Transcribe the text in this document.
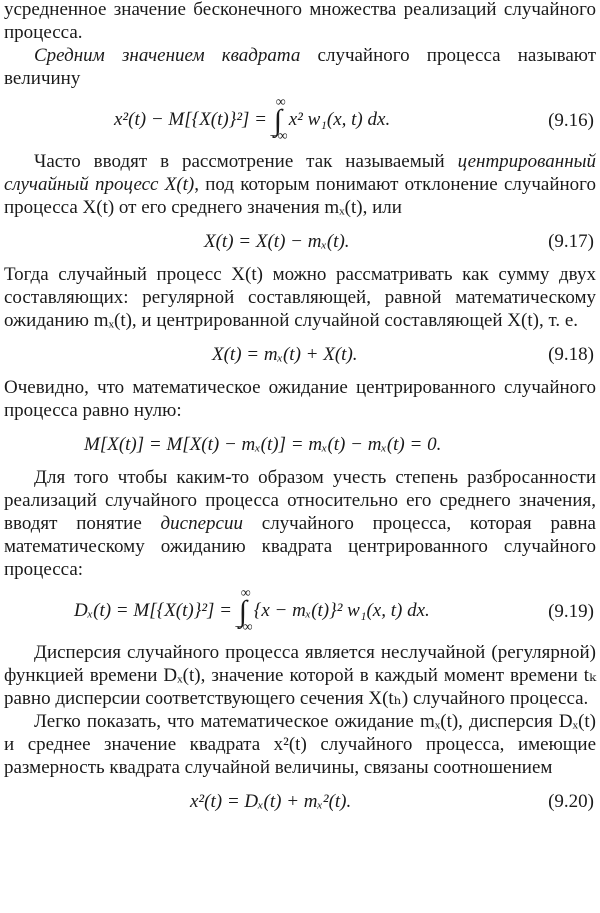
усредненное значение бесконечного множества реализаций случайного процесса.

Средним значением квадрата случайного процесса называют величину

x²(t) − M[{X(t)}²] = ∫
∞
−∞
x² w₁(x, t) dx.	(9.16)

Часто вводят в рассмотрение так называемый центрированный случайный процесс X(t), под которым понимают отклонение случайного процесса X(t) от его среднего значения mₓ(t), или

X(t) = X(t) − mₓ(t).	(9.17)

Тогда случайный процесс X(t) можно рассматривать как сумму двух составляющих: регулярной составляющей, равной математическому ожиданию mₓ(t), и центрированной случайной составляющей X(t), т. е.

X(t) = mₓ(t) + X(t).	(9.18)

Очевидно, что математическое ожидание центрированного случайного процесса равно нулю:

M[X(t)] = M[X(t) − mₓ(t)] = mₓ(t) − mₓ(t) = 0.

Для того чтобы каким-то образом учесть степень разбросанности реализаций случайного процесса относительно его среднего значения, вводят понятие дисперсии случайного процесса, которая равна математическому ожиданию квадрата центрированного случайного процесса:

Dₓ(t) = M[{X(t)}²] = ∫
∞
−∞
{x − mₓ(t)}² w₁(x, t) dx.	(9.19)

Дисперсия случайного процесса является неслучайной (регулярной) функцией времени Dₓ(t), значение которой в каждый момент времени tₖ равно дисперсии соответствующего сечения X(tₕ) случайного процесса.

Легко показать, что математическое ожидание mₓ(t), дисперсия Dₓ(t) и среднее значение квадрата x²(t) случайного процесса, имеющие размерность квадрата случайной величины, связаны соотношением

x²(t) = Dₓ(t) + mₓ²(t).	(9.20)
